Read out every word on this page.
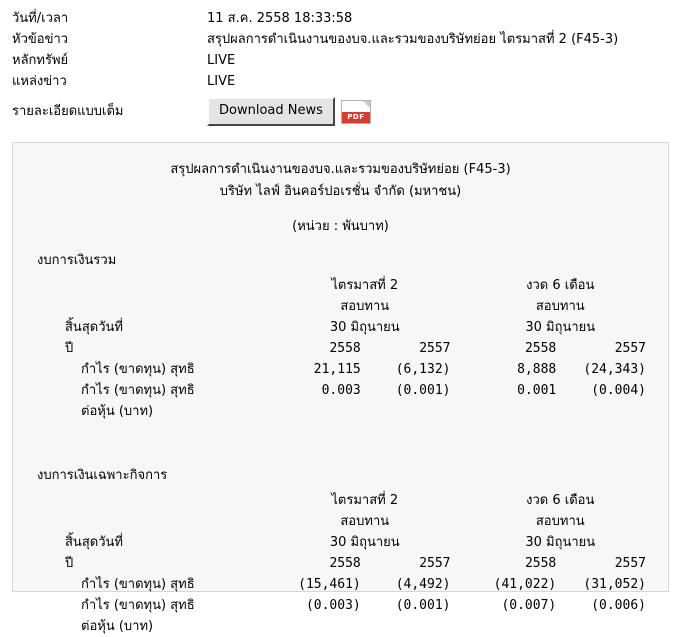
วันที่/เวลา	11 ส.ค. 2558 18:33:58
หัวข้อข่าว	สรุปผลการดำเนินงานของบจ.และรวมของบริษัทย่อย ไตรมาสที่ 2 (F45-3)
หลักทรัพย์	LIVE
แหล่งข่าว	LIVE
รายละเอียดแบบเต็ม	Download News	PDF
สรุปผลการดำเนินงานของบจ.และรวมของบริษัทย่อย (F45-3)
บริษัท ไลฟ์ อินคอร์ปอเรชั่น จำกัด (มหาชน)
(หน่วย : พันบาท)
งบการเงินรวม
	ไตรมาสที่ 2			งวด 6 เดือน	
	สอบทาน			สอบทาน	
สิ้นสุดวันที่	30 มิถุนายน			30 มิถุนายน	
ปี	2558	2557		2558	2557
กำไร (ขาดทุน) สุทธิ	21,115	(6,132)		8,888	(24,343)
กำไร (ขาดทุน) สุทธิ	0.003	(0.001)		0.001	(0.004)
ต่อหุ้น (บาท)					
งบการเงินเฉพาะกิจการ
	ไตรมาสที่ 2			งวด 6 เดือน	
	สอบทาน			สอบทาน	
สิ้นสุดวันที่	30 มิถุนายน			30 มิถุนายน	
ปี	2558	2557		2558	2557
กำไร (ขาดทุน) สุทธิ	(15,461)	(4,492)		(41,022)	(31,052)
กำไร (ขาดทุน) สุทธิ	(0.003)	(0.001)		(0.007)	(0.006)
ต่อหุ้น (บาท)					
